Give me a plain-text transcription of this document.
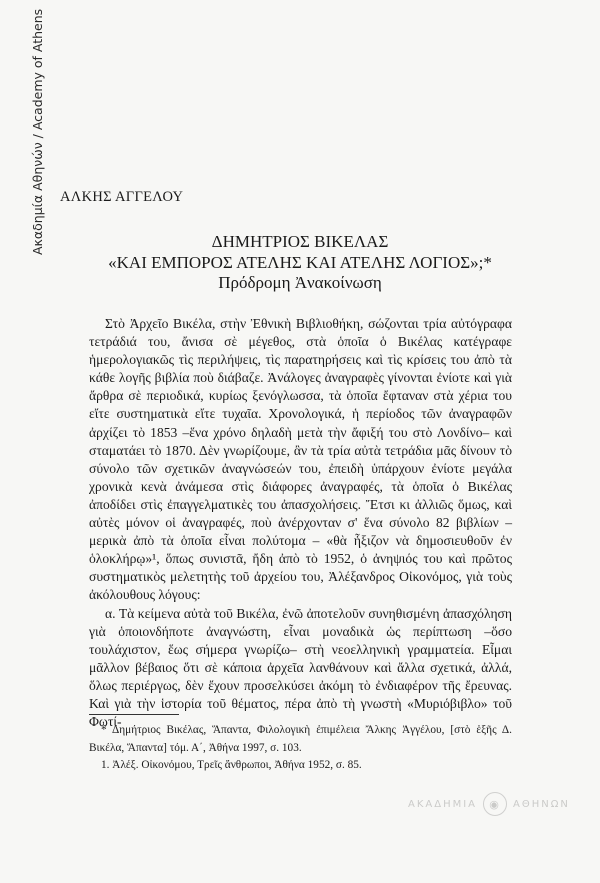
Ακαδημία Αθηνών / Academy of Athens ΑΛΚΗΣ ΑΓΓΕΛΟΥ
ΔΗΜΗΤΡΙΟΣ ΒΙΚΕΛΑΣ
«ΚΑΙ ΕΜΠΟΡΟΣ ΑΤΕΛΗΣ ΚΑΙ ΑΤΕΛΗΣ ΛΟΓΙΟΣ»;*
Πρόδρομη Ἀνακοίνωση

Στὸ Ἀρχεῖο Βικέλα, στὴν Ἐθνικὴ Βιβλιοθήκη, σώζονται τρία αὐτόγραφα τετράδιά του, ἄνισα σὲ μέγεθος, στὰ ὁποῖα ὁ Βικέλας κατέγραφε ἡμερολογιακῶς τὶς περιλήψεις, τὶς παρατηρήσεις καὶ τὶς κρίσεις του ἀπὸ τὰ κάθε λογῆς βιβλία ποὺ διάβαζε. Ἀνάλογες ἀναγραφὲς γίνονται ἐνίοτε καὶ γιὰ ἄρθρα σὲ περιοδικά, κυρίως ξενόγλωσσα, τὰ ὁποῖα ἔφταναν στὰ χέρια του εἴτε συστηματικὰ εἴτε τυχαῖα. Χρονολογικά, ἡ περίοδος τῶν ἀναγραφῶν ἀρχίζει τὸ 1853 –ἕνα χρόνο δηλαδὴ μετὰ τὴν ἄφιξή του στὸ Λονδίνο– καὶ σταματάει τὸ 1870. Δὲν γνωρίζουμε, ἂν τὰ τρία αὐτὰ τετράδια μᾶς δίνουν τὸ σύνολο τῶν σχετικῶν ἀναγνώσεών του, ἐπειδὴ ὑπάρχουν ἐνίοτε μεγάλα χρονικὰ κενὰ ἀνάμεσα στὶς διάφορες ἀναγραφές, τὰ ὁποῖα ὁ Βικέλας ἀποδίδει στὶς ἐπαγγελματικὲς του ἀπασχολήσεις. Ἔτσι κι ἀλλιῶς ὅμως, καὶ αὐτὲς μόνον οἱ ἀναγραφές, ποὺ ἀνέρχονταν σ' ἕνα σύνολο 82 βιβλίων – μερικὰ ἀπὸ τὰ ὁποῖα εἶναι πολύτομα – «θὰ ἦξιζον νὰ δημοσιευθοῦν ἐν ὁλοκλήρῳ»¹, ὅπως συνιστᾶ, ἤδη ἀπὸ τὸ 1952, ὁ ἀνηψιός του καὶ πρῶτος συστηματικὸς μελετητὴς τοῦ ἀρχείου του, Ἀλέξανδρος Οἰκονόμος, γιὰ τοὺς ἀκόλουθους λόγους:

α. Τὰ κείμενα αὐτὰ τοῦ Βικέλα, ἐνῶ ἀποτελοῦν συνηθισμένη ἀπασχόληση γιὰ ὁποιονδήποτε ἀναγνώστη, εἶναι μοναδικὰ ὡς περίπτωση –ὅσο τουλάχιστον, ἕως σήμερα γνωρίζω– στὴ νεοελληνικὴ γραμματεία. Εἶμαι μᾶλλον βέβαιος ὅτι σὲ κάποια ἀρχεῖα λανθάνουν καὶ ἄλλα σχετικά, ἀλλά, ὅλως περιέργως, δὲν ἔχουν προσελκύσει ἀκόμη τὸ ἐνδιαφέρον τῆς ἔρευνας. Καὶ γιὰ τὴν ἱστορία τοῦ θέματος, πέρα ἀπὸ τὴ γνωστὴ «Μυριόβιβλο» τοῦ Φωτί-

* Δημήτριος Βικέλας, Ἅπαντα, Φιλολογικὴ ἐπιμέλεια Ἄλκης Ἀγγέλου, [στὸ ἑξῆς Δ. Βικέλα, Ἅπαντα] τόμ. Α΄, Ἀθήνα 1997, σ. 103.

1. Ἀλέξ. Οἰκονόμου, Τρεῖς ἄνθρωποι, Ἀθήνα 1952, σ. 85.

ΑΚΑΔΗΜΙΑ	◉	ΑΘΗΝΩΝ
